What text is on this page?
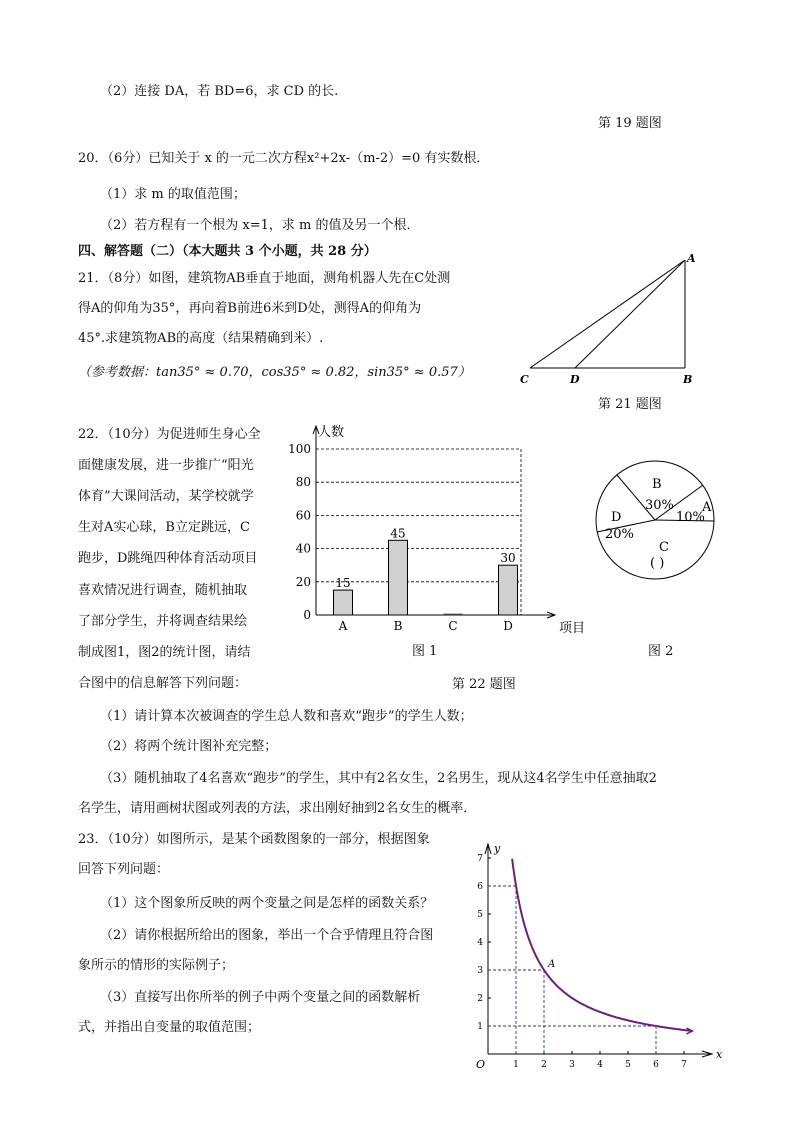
（2）连接 DA，若 BD=6，求 CD 的长.
第 19 题图
20．（6分）已知关于 x 的一元二次方程x²+2x-（m-2）=0 有实数根．
（1）求 m 的取值范围；
（2）若方程有一个根为 x=1，求 m 的值及另一个根．
四、解答题（二）（本大题共 3 个小题，共 28 分）
21．（8分）如图，建筑物AB垂直于地面，测角机器人先在C处测
得A的仰角为35°，再向着B前进6米到D处，测得A的仰角为
45°.求建筑物AB的高度（结果精确到米）.
（参考数据：tan35° ≈ 0.70，cos35° ≈ 0.82，sin35° ≈ 0.57）
A
B
C	D
第 21 题图
22．（10分）为促进师生身心全
面健康发展，进一步推广“阳光
体育”大课间活动，某学校就学
生对A实心球，B立定跳远，C
跑步，D跳绳四种体育活动项目
喜欢情况进行调查，随机抽取
了部分学生，并将调查结果绘
制成图1，图2的统计图，请结
合图中的信息解答下列问题：
0
20
40
60
80
100
人数
项目
A
15
B
45
C	D
30
图 1
B
30% A
10%
D
20%
C
( )
图 2
第 22 题图
（1）请计算本次被调查的学生总人数和喜欢“跑步”的学生人数；
（2）将两个统计图补充完整；
（3）随机抽取了4名喜欢“跑步”的学生，其中有2名女生，2名男生，现从这4名学生中任意抽取2
名学生，请用画树状图或列表的方法，求出刚好抽到2名女生的概率．
23．（10分）如图所示，是某个函数图象的一部分，根据图象
回答下列问题：
（1）这个图象所反映的两个变量之间是怎样的函数关系？
（2）请你根据所给出的图象，举出一个合乎情理且符合图
象所示的情形的实际例子；
（3）直接写出你所举的例子中两个变量之间的函数解析
式，并指出自变量的取值范围；
x
y
O	1 2 3 4 5 6 7
1
2
3
4
5
6
7
A
